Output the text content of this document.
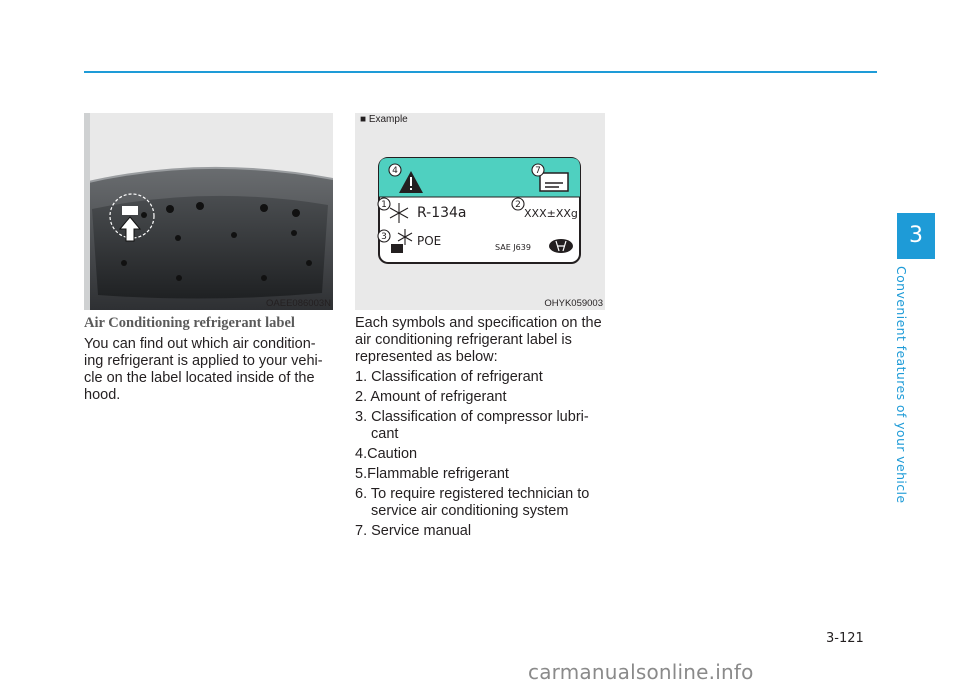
3
Convenient features of your vehicle
OAEE086003N
■ Example
4	7
1	2
3
R-134a	XXX±XXg
POE	SAE J639
OHYK059003
Air Conditioning refrigerant label
You can find out which air condition-ing refrigerant is applied to your vehi-cle on the label located inside of the hood.

Each symbols and specification on the air conditioning refrigerant label is represented as below:

1. Classification of refrigerant
2. Amount of refrigerant
3. Classification of compressor lubri-cant
4.Caution
5.Flammable refrigerant
6. To require registered technician to service air conditioning system
7. Service manual
3-121
carmanualsonline.info
